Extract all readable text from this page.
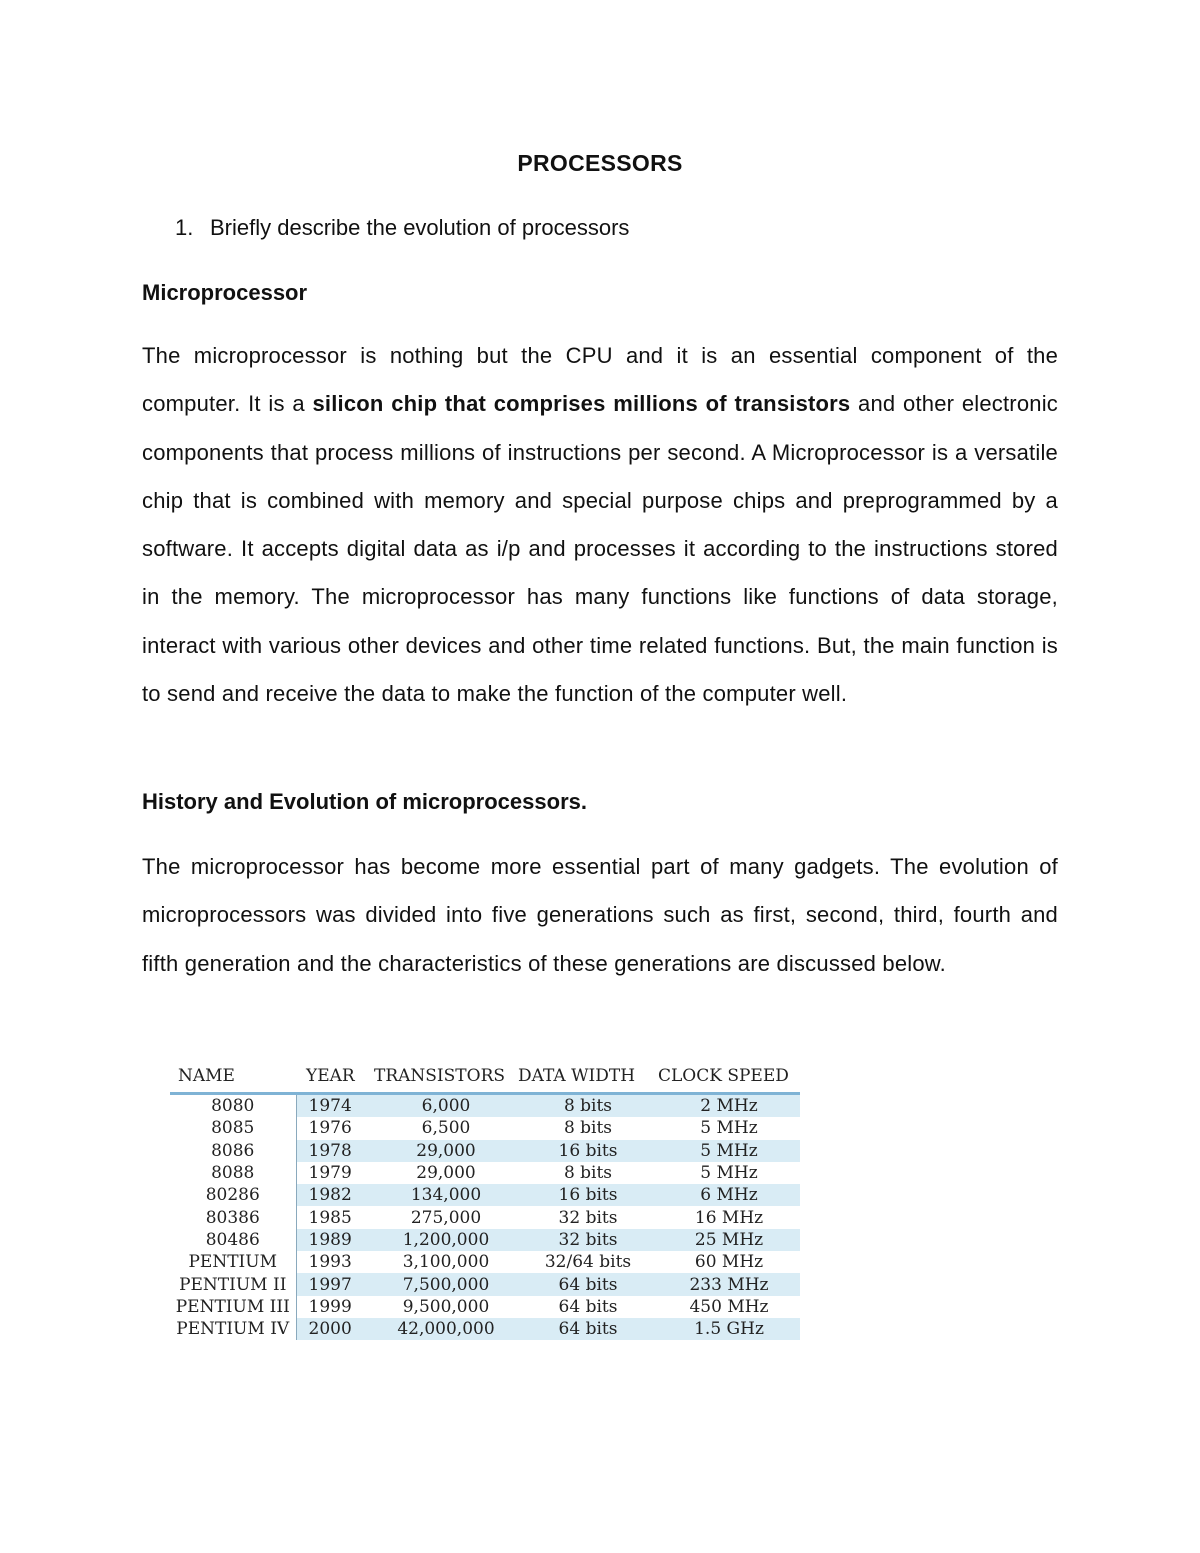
PROCESSORS
1. Briefly describe the evolution of processors
Microprocessor
The microprocessor is nothing but the CPU and it is an essential component of the computer. It is a silicon chip that comprises millions of transistors and other electronic components that process millions of instructions per second. A Microprocessor is a versatile chip that is combined with memory and special purpose chips and preprogrammed by a software. It accepts digital data as i/p and processes it according to the instructions stored in the memory. The microprocessor has many functions like functions of data storage, interact with various other devices and other time related functions. But, the main function is to send and receive the data to make the function of the computer well.
History and Evolution of microprocessors.
The microprocessor has become more essential part of many gadgets. The evolution of microprocessors was divided into five generations such as first, second, third, fourth and fifth generation and the characteristics of these generations are discussed below.
NAME	YEAR	TRANSISTORS	DATA WIDTH	CLOCK SPEED
8080	1974	6,000	8 bits	2 MHz
8085	1976	6,500	8 bits	5 MHz
8086	1978	29,000	16 bits	5 MHz
8088	1979	29,000	8 bits	5 MHz
80286	1982	134,000	16 bits	6 MHz
80386	1985	275,000	32 bits	16 MHz
80486	1989	1,200,000	32 bits	25 MHz
PENTIUM	1993	3,100,000	32/64 bits	60 MHz
PENTIUM II	1997	7,500,000	64 bits	233 MHz
PENTIUM III	1999	9,500,000	64 bits	450 MHz
PENTIUM IV	2000	42,000,000	64 bits	1.5 GHz
